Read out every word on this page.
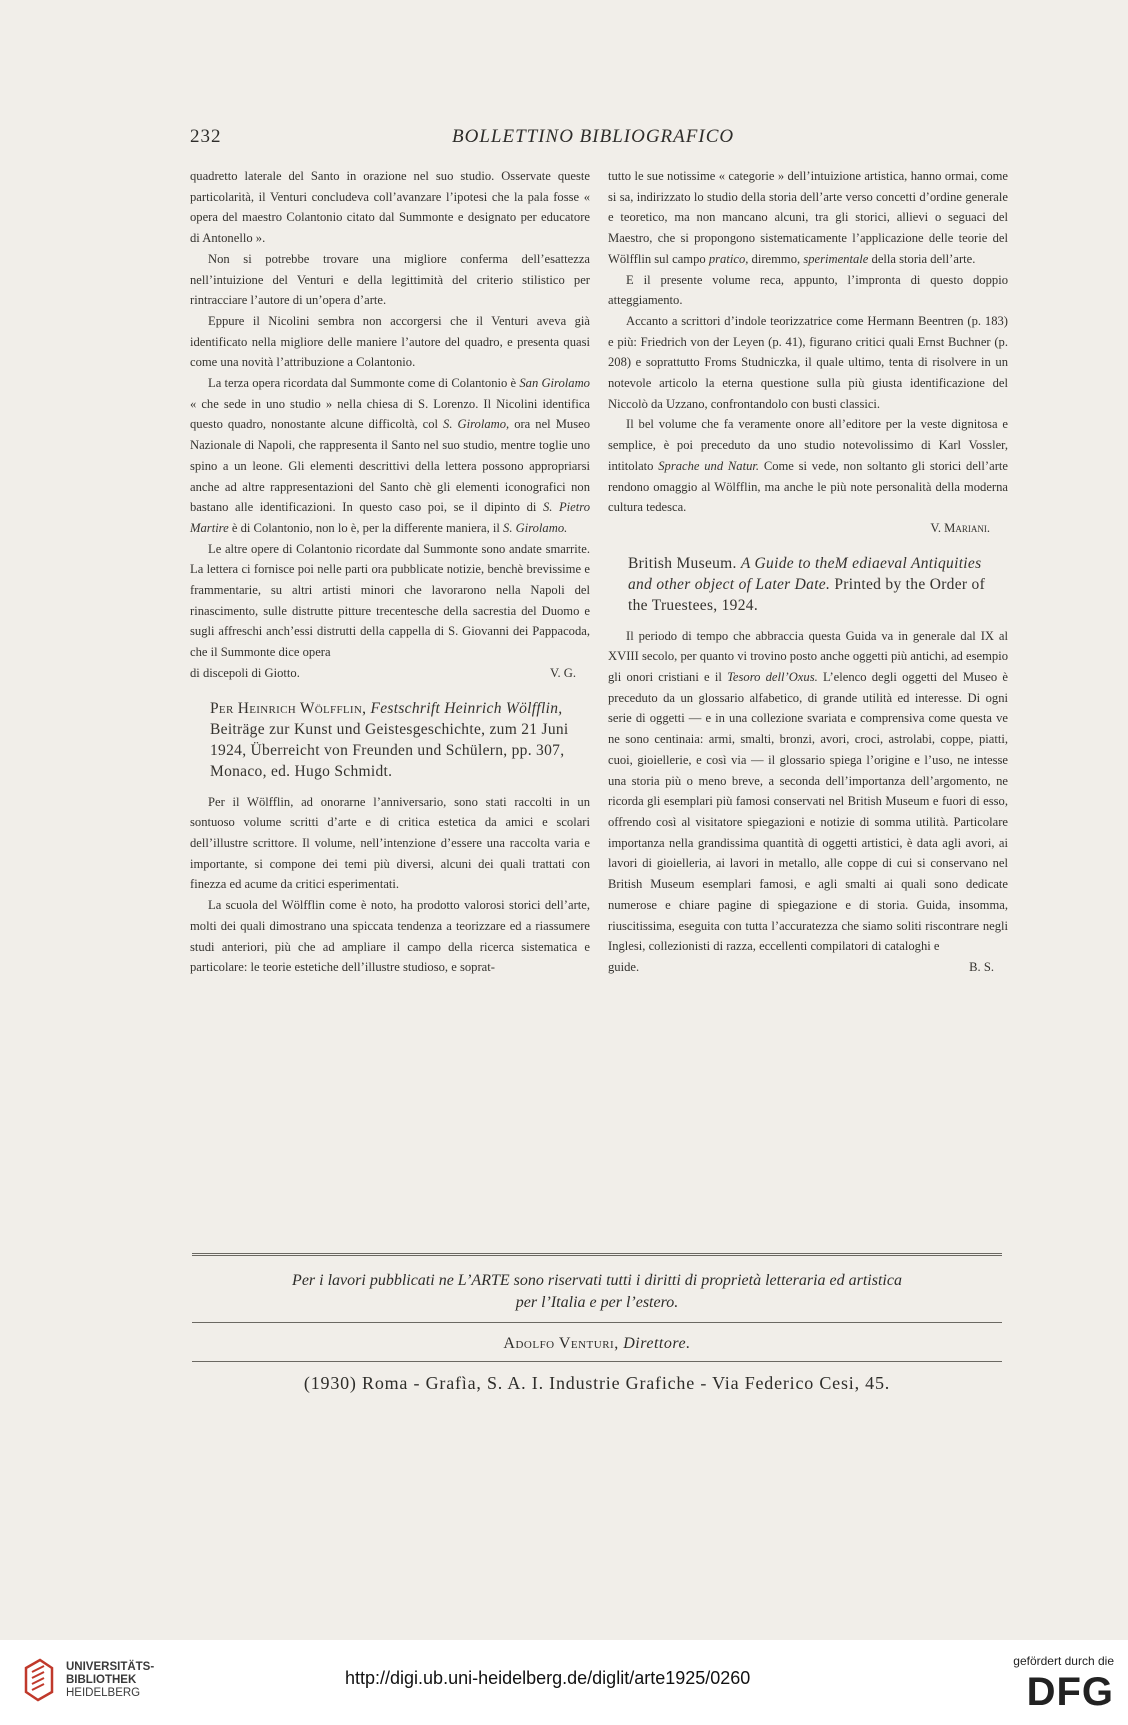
232	BOLLETTINO BIBLIOGRAFICO

quadretto laterale del Santo in orazione nel suo studio. Osservate queste particolarità, il Venturi concludeva coll’avanzare l’ipotesi che la pala fosse « opera del maestro Colantonio citato dal Summonte e designato per educatore di Antonello ».

Non si potrebbe trovare una migliore conferma dell’esattezza nell’intuizione del Venturi e della legittimità del criterio stilistico per rintracciare l’autore di un’opera d’arte.

Eppure il Nicolini sembra non accorgersi che il Venturi aveva già identificato nella migliore delle maniere l’autore del quadro, e presenta quasi come una novità l’attribuzione a Colantonio.

La terza opera ricordata dal Summonte come di Colantonio è San Girolamo « che sede in uno studio » nella chiesa di S. Lorenzo. Il Nicolini identifica questo quadro, nonostante alcune difficoltà, col S. Girolamo, ora nel Museo Nazionale di Napoli, che rappresenta il Santo nel suo studio, mentre toglie uno spino a un leone. Gli elementi descrittivi della lettera possono appropriarsi anche ad altre rappresentazioni del Santo chè gli elementi iconografici non bastano alle identificazioni. In questo caso poi, se il dipinto di S. Pietro Martire è di Colantonio, non lo è, per la differente maniera, il S. Girolamo.

Le altre opere di Colantonio ricordate dal Summonte sono andate smarrite. La lettera ci fornisce poi nelle parti ora pubblicate notizie, benchè brevissime e frammentarie, su altri artisti minori che lavorarono nella Napoli del rinascimento, sulle distrutte pitture trecentesche della sacrestia del Duomo e sugli affreschi anch’essi distrutti della cappella di S. Giovanni dei Pappacoda, che il Summonte dice opera

di discepoli di Giotto.	V. G.

Per Heinrich Wölfflin, Festschrift Heinrich Wölfflin, Beiträge zur Kunst und Geistesgeschichte, zum 21 Juni 1924, Überreicht von Freunden und Schülern, pp. 307, Monaco, ed. Hugo Schmidt.

Per il Wölfflin, ad onorarne l’anniversario, sono stati raccolti in un sontuoso volume scritti d’arte e di critica estetica da amici e scolari dell’illustre scrittore. Il volume, nell’intenzione d’essere una raccolta varia e importante, si compone dei temi più diversi, alcuni dei quali trattati con finezza ed acume da critici esperimentati.

La scuola del Wölfflin come è noto, ha prodotto valorosi storici dell’arte, molti dei quali dimostrano una spiccata tendenza a teorizzare ed a riassumere studi anteriori, più che ad ampliare il campo della ricerca sistematica e particolare: le teorie estetiche dell’illustre studioso, e soprat-

tutto le sue notissime « categorie » dell’intuizione artistica, hanno ormai, come si sa, indirizzato lo studio della storia dell’arte verso concetti d’ordine generale e teoretico, ma non mancano alcuni, tra gli storici, allievi o seguaci del Maestro, che si propongono sistematicamente l’applicazione delle teorie del Wölfflin sul campo pratico, diremmo, sperimentale della storia dell’arte.

E il presente volume reca, appunto, l’impronta di questo doppio atteggiamento.

Accanto a scrittori d’indole teorizzatrice come Hermann Beentren (p. 183) e più: Friedrich von der Leyen (p. 41), figurano critici quali Ernst Buchner (p. 208) e soprattutto Froms Studniczka, il quale ultimo, tenta di risolvere in un notevole articolo la eterna questione sulla più giusta identificazione del Niccolò da Uzzano, confrontandolo con busti classici.

Il bel volume che fa veramente onore all’editore per la veste dignitosa e semplice, è poi preceduto da uno studio notevolissimo di Karl Vossler, intitolato Sprache und Natur. Come si vede, non soltanto gli storici dell’arte rendono omaggio al Wölfflin, ma anche le più note personalità della moderna cultura tedesca.

V. Mariani.

British Museum. A Guide to theM ediaeval Antiquities and other object of Later Date. Printed by the Order of the Truestees, 1924.

Il periodo di tempo che abbraccia questa Guida va in generale dal IX al XVIII secolo, per quanto vi trovino posto anche oggetti più antichi, ad esempio gli onori cristiani e il Tesoro dell’Oxus. L’elenco degli oggetti del Museo è preceduto da un glossario alfabetico, di grande utilità ed interesse. Di ogni serie di oggetti — e in una collezione svariata e comprensiva come questa ve ne sono centinaia: armi, smalti, bronzi, avori, croci, astrolabi, coppe, piatti, cuoi, gioiellerie, e così via — il glossario spiega l’origine e l’uso, ne intesse una storia più o meno breve, a seconda dell’importanza dell’argomento, ne ricorda gli esemplari più famosi conservati nel British Museum e fuori di esso, offrendo così al visitatore spiegazioni e notizie di somma utilità. Particolare importanza nella grandissima quantità di oggetti artistici, è data agli avori, ai lavori di gioielleria, ai lavori in metallo, alle coppe di cui si conservano nel British Museum esemplari famosi, e agli smalti ai quali sono dedicate numerose e chiare pagine di spiegazione e di storia. Guida, insomma, riuscitissima, eseguita con tutta l’accuratezza che siamo soliti riscontrare negli Inglesi, collezionisti di razza, eccellenti compilatori di cataloghi e

guide.	B. S.
Per i lavori pubblicati ne L’ARTE sono riservati tutti i diritti di proprietà letteraria ed artistica
per l’Italia e per l’estero.
Adolfo Venturi, Direttore.
(1930) Roma - Grafìa, S. A. I. Industrie Grafiche - Via Federico Cesi, 45.
UNIVERSITÄTS-
BIBLIOTHEK
HEIDELBERG
http://digi.ub.uni-heidelberg.de/diglit/arte1925/0260
gefördert durch die
DFG
